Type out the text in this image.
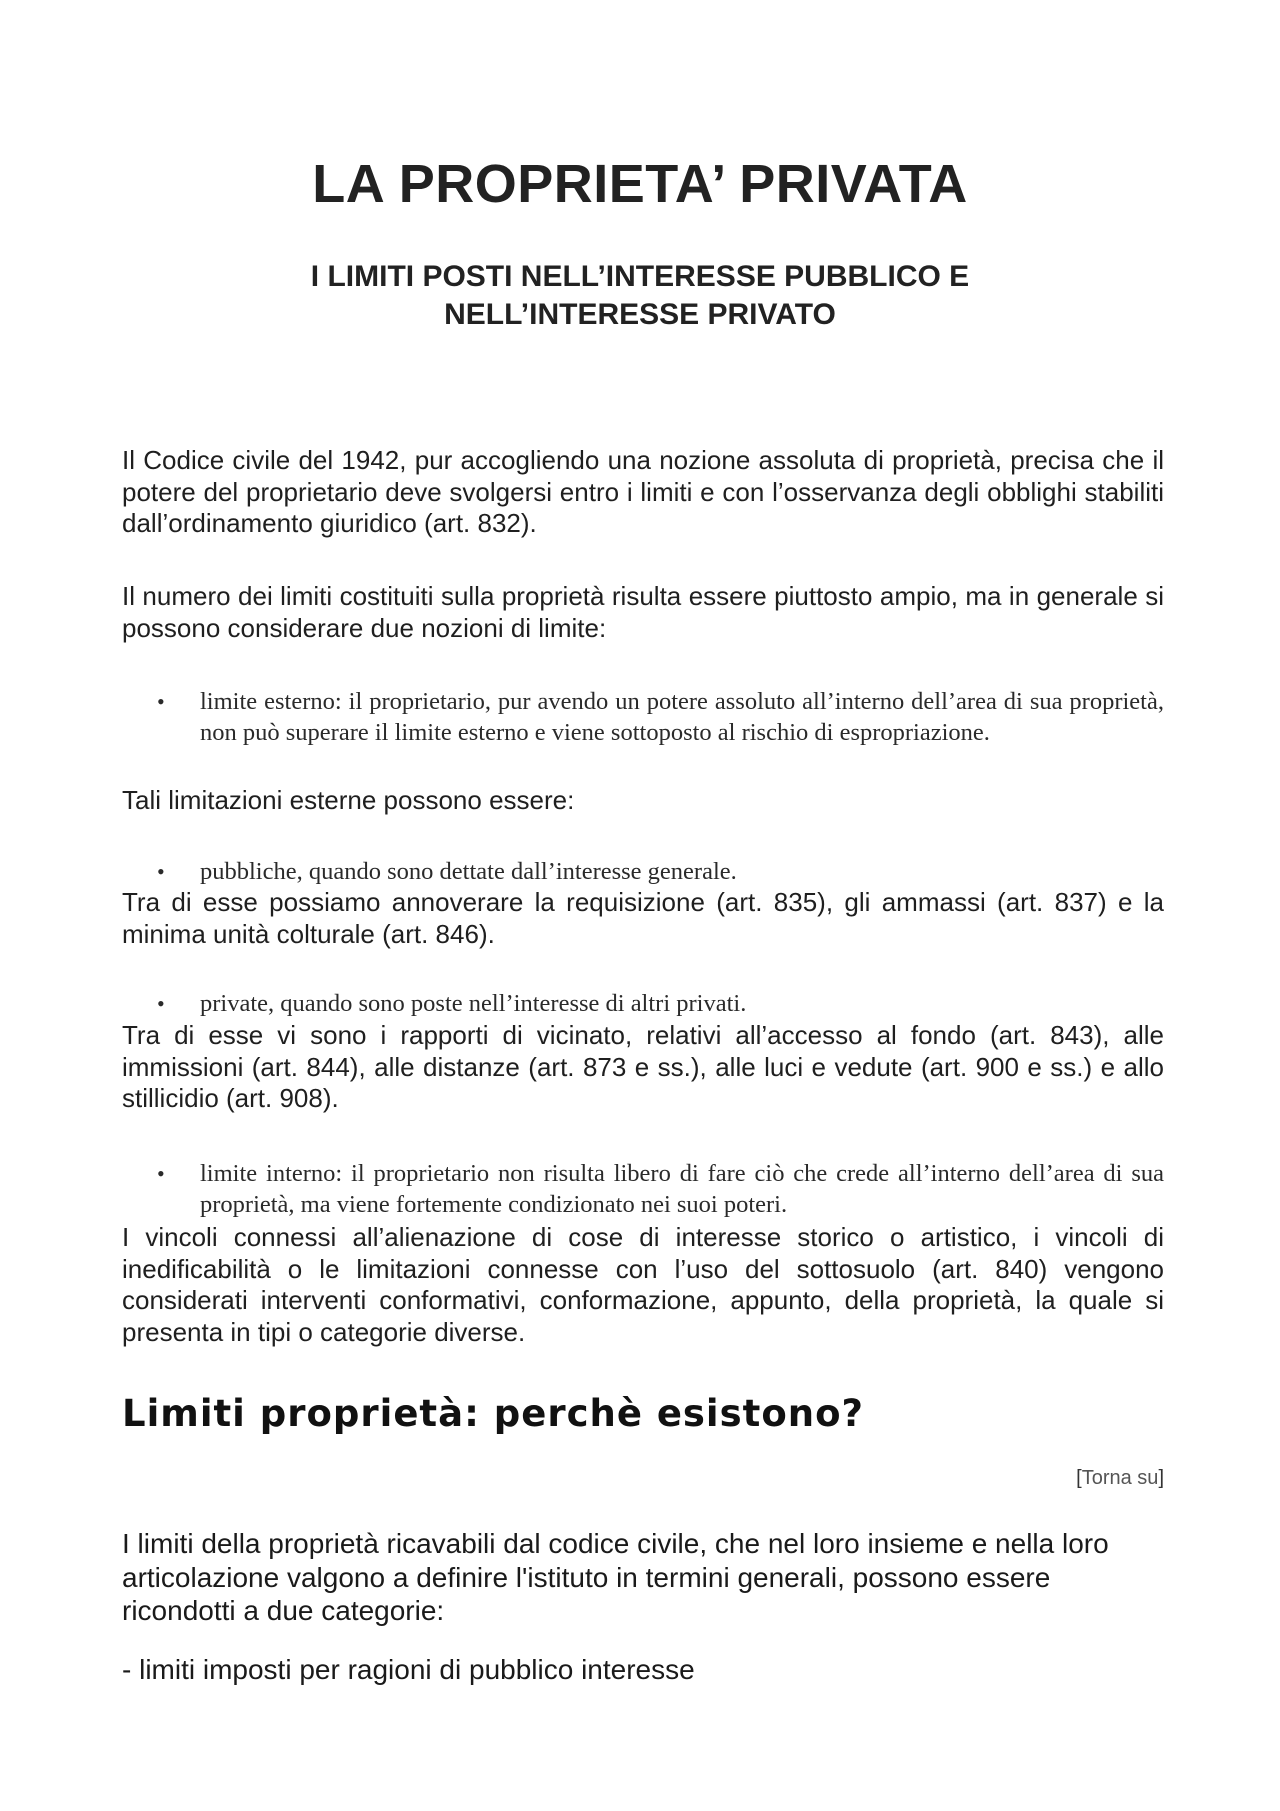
LA PROPRIETA’ PRIVATA
I LIMITI POSTI NELL’INTERESSE PUBBLICO E
NELL’INTERESSE PRIVATO

Il Codice civile del 1942, pur accogliendo una nozione assoluta di proprietà, precisa che il potere del proprietario deve svolgersi entro i limiti e con l’osservanza degli obblighi stabiliti dall’ordinamento giuridico (art. 832).

Il numero dei limiti costituiti sulla proprietà risulta essere piuttosto ampio, ma in generale si possono considerare due nozioni di limite:

• limite esterno: il proprietario, pur avendo un potere assoluto all’interno dell’area di sua proprietà, non può superare il limite esterno e viene sottoposto al rischio di espropriazione.

Tali limitazioni esterne possono essere:

• pubbliche, quando sono dettate dall’interesse generale.

Tra di esse possiamo annoverare la requisizione (art. 835), gli ammassi (art. 837) e la minima unità colturale (art. 846).

• private, quando sono poste nell’interesse di altri privati.

Tra di esse vi sono i rapporti di vicinato, relativi all’accesso al fondo (art. 843), alle immissioni (art. 844), alle distanze (art. 873 e ss.), alle luci e vedute (art. 900 e ss.) e allo stillicidio (art. 908).

• limite interno: il proprietario non risulta libero di fare ciò che crede all’interno dell’area di sua proprietà, ma viene fortemente condizionato nei suoi poteri.

I vincoli connessi all’alienazione di cose di interesse storico o artistico, i vincoli di inedificabilità o le limitazioni connesse con l’uso del sottosuolo (art. 840) vengono considerati interventi conformativi, conformazione, appunto, della proprietà, la quale si presenta in tipi o categorie diverse.

Limiti proprietà: perchè esistono?
[Torna su]

I limiti della proprietà ricavabili dal codice civile, che nel loro insieme e nella loro articolazione valgono a definire l'istituto in termini generali, possono essere ricondotti a due categorie:

- limiti imposti per ragioni di pubblico interesse
